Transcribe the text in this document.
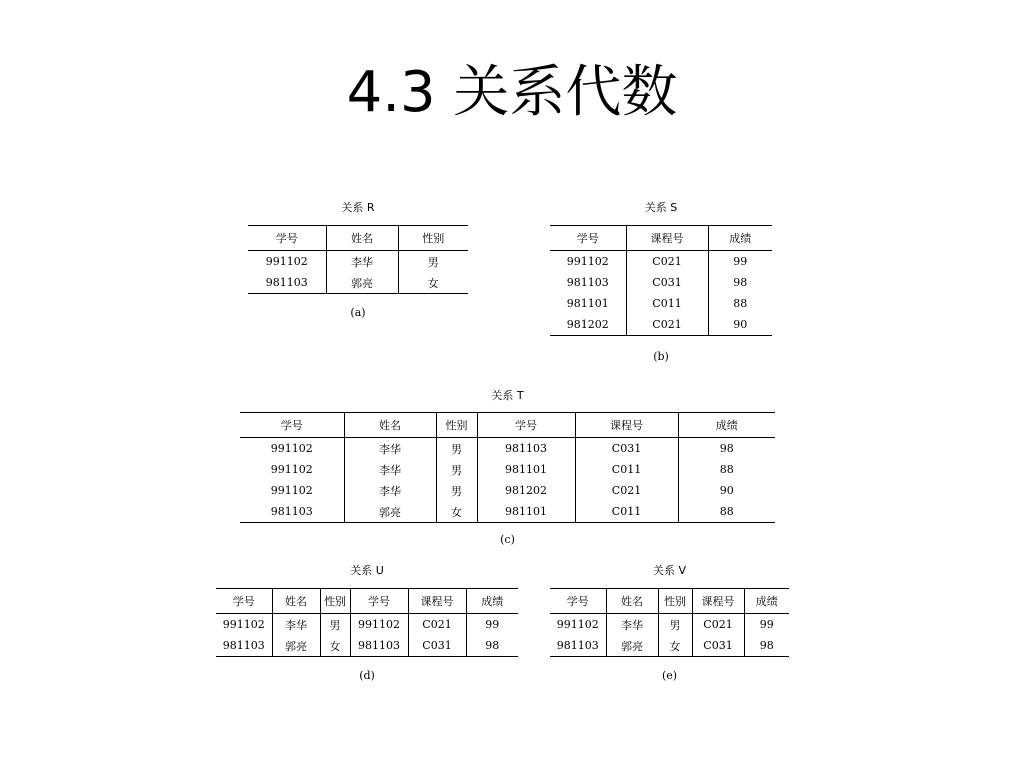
4.3 关系代数
关系 R
学号	姓名	性别
991102	李华	男
981103	郭亮	女
(a)
关系 S
学号	课程号	成绩
991102	C021	99
981103	C031	98
981101	C011	88
981202	C021	90
(b)
关系 T
学号	姓名	性别	学号	课程号	成绩
991102	李华	男	981103	C031	98
991102	李华	男	981101	C011	88
991102	李华	男	981202	C021	90
981103	郭亮	女	981101	C011	88
(c)
关系 U
学号	姓名	性别	学号	课程号	成绩
991102	李华	男	991102	C021	99
981103	郭亮	女	981103	C031	98
(d)
关系 V
学号	姓名	性别	课程号	成绩
991102	李华	男	C021	99
981103	郭亮	女	C031	98
(e)
